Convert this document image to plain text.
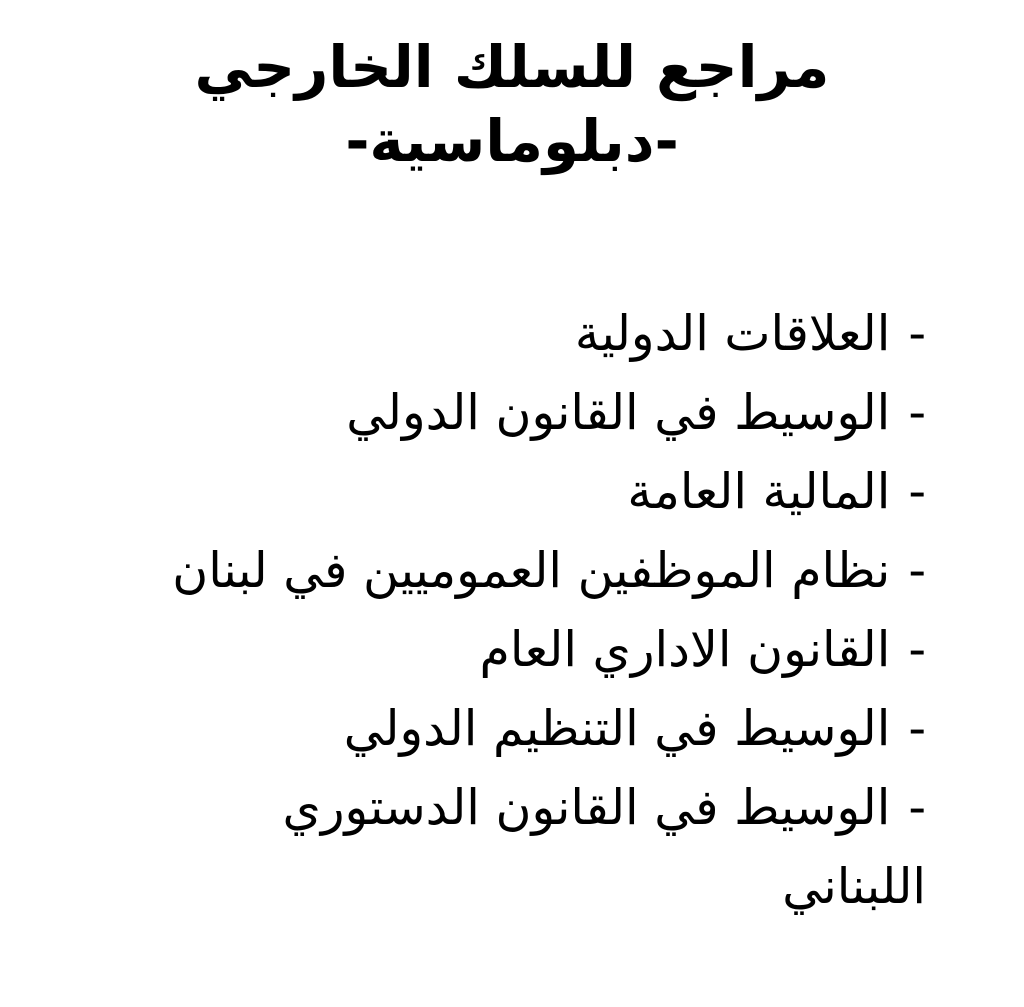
مراجع للسلك الخارجي
-دبلوماسية-
-العلاقات الدولية
-الوسيط في القانون الدولي
-المالية العامة
-نظام الموظفين العموميين في لبنان
-القانون الاداري العام
-الوسيط في التنظيم الدولي
-الوسيط في القانون الدستوري
اللبناني
